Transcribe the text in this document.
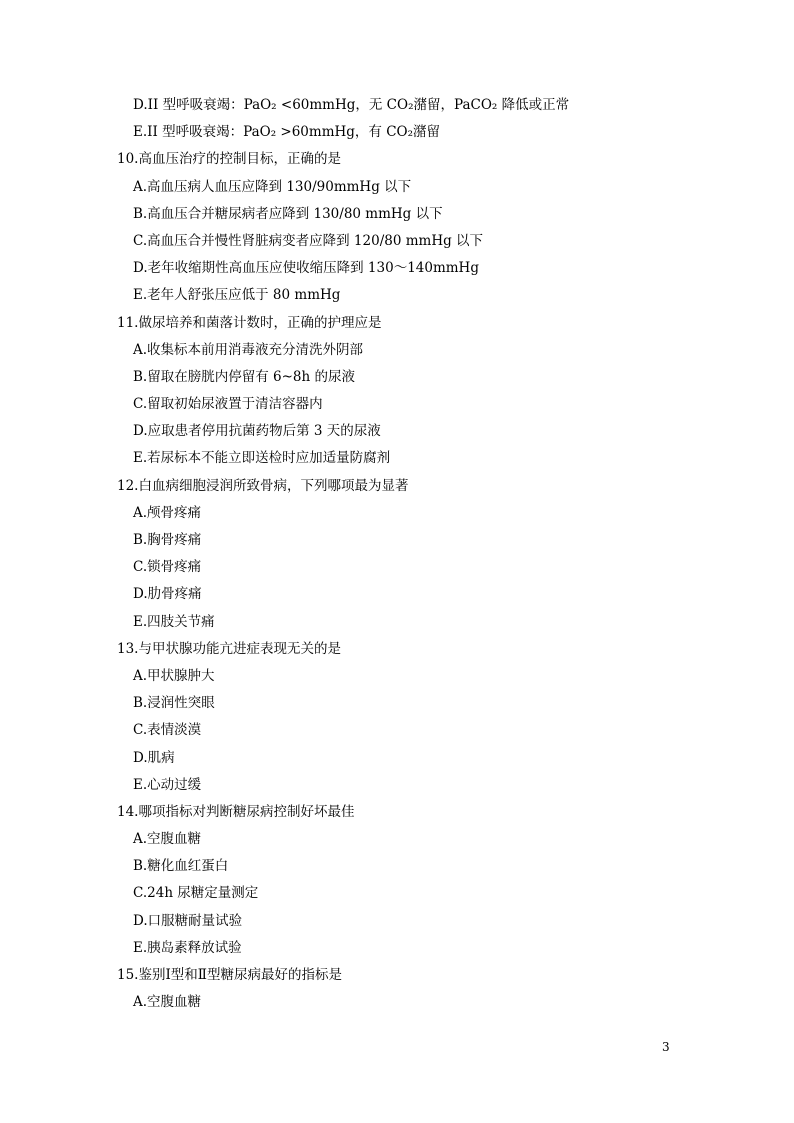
D.II 型呼吸衰竭：PaO₂ <60mmHg，无 CO₂潴留，PaCO₂ 降低或正常
E.II 型呼吸衰竭：PaO₂ >60mmHg，有 CO₂潴留
10.高血压治疗的控制目标，正确的是
A.高血压病人血压应降到 130/90mmHg 以下
B.高血压合并糖尿病者应降到 130/80 mmHg 以下
C.高血压合并慢性肾脏病变者应降到 120/80 mmHg 以下
D.老年收缩期性高血压应使收缩压降到 130～140mmHg
E.老年人舒张压应低于 80 mmHg
11.做尿培养和菌落计数时，正确的护理应是
A.收集标本前用消毒液充分清洗外阴部
B.留取在膀胱内停留有 6~8h 的尿液
C.留取初始尿液置于清洁容器内
D.应取患者停用抗菌药物后第 3 天的尿液
E.若尿标本不能立即送检时应加适量防腐剂
12.白血病细胞浸润所致骨病，下列哪项最为显著
A.颅骨疼痛
B.胸骨疼痛
C.锁骨疼痛
D.肋骨疼痛
E.四肢关节痛
13.与甲状腺功能亢进症表现无关的是
A.甲状腺肿大
B.浸润性突眼
C.表情淡漠
D.肌病
E.心动过缓
14.哪项指标对判断糖尿病控制好坏最佳
A.空腹血糖
B.糖化血红蛋白
C.24h 尿糖定量测定
D.口服糖耐量试验
E.胰岛素释放试验
15.鉴别Ⅰ型和Ⅱ型糖尿病最好的指标是
A.空腹血糖
3
